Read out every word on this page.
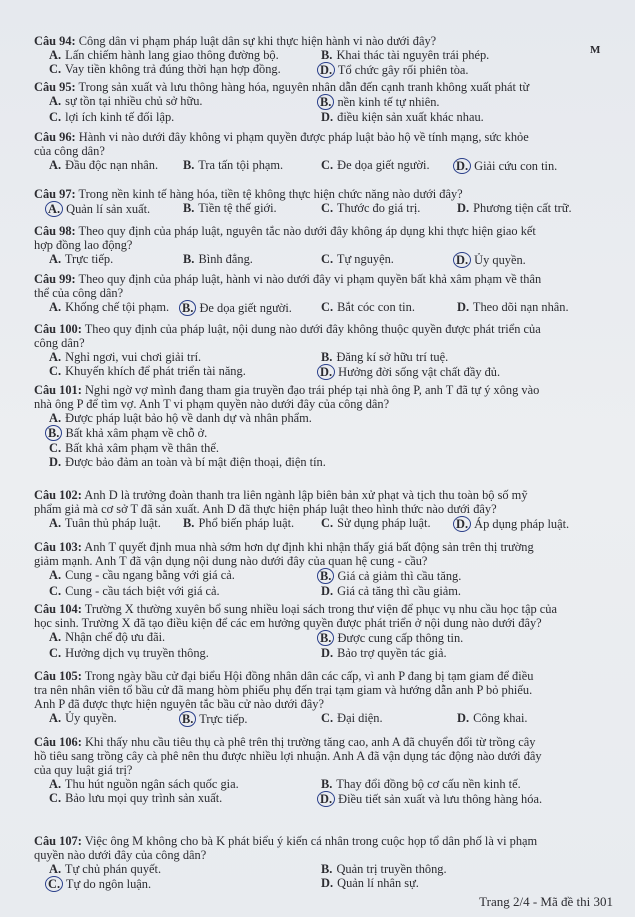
M
Câu 94: Công dân vi phạm pháp luật dân sự khi thực hiện hành vi nào dưới đây?
A. Lấn chiếm hành lang giao thông đường bộ.	B. Khai thác tài nguyên trái phép.
C. Vay tiền không trả đúng thời hạn hợp đồng.	D. Tổ chức gây rối phiên tòa.
Câu 95: Trong sản xuất và lưu thông hàng hóa, nguyên nhân dẫn đến cạnh tranh không xuất phát từ
A. sự tồn tại nhiều chủ sở hữu.	B. nền kinh tế tự nhiên.
C. lợi ích kinh tế đối lập.	D. điều kiện sản xuất khác nhau.
Câu 96: Hành vi nào dưới đây không vi phạm quyền được pháp luật bảo hộ về tính mạng, sức khỏe
của công dân?
A. Đầu độc nạn nhân.	B. Tra tấn tội phạm.	C. Đe dọa giết người.	D. Giải cứu con tin.
Câu 97: Trong nền kinh tế hàng hóa, tiền tệ không thực hiện chức năng nào dưới đây?
A. Quản lí sản xuất.	B. Tiền tệ thế giới.	C. Thước đo giá trị.	D. Phương tiện cất trữ.
Câu 98: Theo quy định của pháp luật, nguyên tắc nào dưới đây không áp dụng khi thực hiện giao kết
hợp đồng lao động?
A. Trực tiếp.	B. Bình đẳng.	C. Tự nguyện.	D. Ủy quyền.
Câu 99: Theo quy định của pháp luật, hành vi nào dưới đây vi phạm quyền bất khả xâm phạm về thân
thể của công dân?
A. Khống chế tội phạm.	B. Đe dọa giết người.	C. Bắt cóc con tin.	D. Theo dõi nạn nhân.
Câu 100: Theo quy định của pháp luật, nội dung nào dưới đây không thuộc quyền được phát triển của
công dân?
A. Nghỉ ngơi, vui chơi giải trí.	B. Đăng kí sở hữu trí tuệ.
C. Khuyến khích để phát triển tài năng.	D. Hưởng đời sống vật chất đầy đủ.
Câu 101: Nghi ngờ vợ mình đang tham gia truyền đạo trái phép tại nhà ông P, anh T đã tự ý xông vào
nhà ông P để tìm vợ. Anh T vi phạm quyền nào dưới đây của công dân?
A. Được pháp luật bảo hộ về danh dự và nhân phẩm.
B. Bất khả xâm phạm về chỗ ở.
C. Bất khả xâm phạm về thân thể.
D. Được bảo đảm an toàn và bí mật điện thoại, điện tín.
Câu 102: Anh D là trưởng đoàn thanh tra liên ngành lập biên bản xử phạt và tịch thu toàn bộ số mỹ
phẩm giả mà cơ sở T đã sản xuất. Anh D đã thực hiện pháp luật theo hình thức nào dưới đây?
A. Tuân thủ pháp luật.	B. Phổ biến pháp luật.	C. Sử dụng pháp luật.	D. Áp dụng pháp luật.
Câu 103: Anh T quyết định mua nhà sớm hơn dự định khi nhận thấy giá bất động sản trên thị trường
giảm mạnh. Anh T đã vận dụng nội dung nào dưới đây của quan hệ cung - cầu?
A. Cung - cầu ngang bằng với giá cả.	B. Giá cả giảm thì cầu tăng.
C. Cung - cầu tách biệt với giá cả.	D. Giá cả tăng thì cầu giảm.
Câu 104: Trường X thường xuyên bổ sung nhiều loại sách trong thư viện để phục vụ nhu cầu học tập của
học sinh. Trường X đã tạo điều kiện để các em hưởng quyền được phát triển ở nội dung nào dưới đây?
A. Nhận chế độ ưu đãi.	B. Được cung cấp thông tin.
C. Hưởng dịch vụ truyền thông.	D. Bảo trợ quyền tác giả.
Câu 105: Trong ngày bầu cử đại biểu Hội đồng nhân dân các cấp, vì anh P đang bị tạm giam để điều
tra nên nhân viên tổ bầu cử đã mang hòm phiếu phụ đến trại tạm giam và hướng dẫn anh P bỏ phiếu.
Anh P đã được thực hiện nguyên tắc bầu cử nào dưới đây?
A. Ủy quyền.	B. Trực tiếp.	C. Đại diện.	D. Công khai.
Câu 106: Khi thấy nhu cầu tiêu thụ cà phê trên thị trường tăng cao, anh A đã chuyển đổi từ trồng cây
hồ tiêu sang trồng cây cà phê nên thu được nhiều lợi nhuận. Anh A đã vận dụng tác động nào dưới đây
của quy luật giá trị?
A. Thu hút nguồn ngân sách quốc gia.	B. Thay đổi đồng bộ cơ cấu nền kinh tế.
C. Bảo lưu mọi quy trình sản xuất.	D. Điều tiết sản xuất và lưu thông hàng hóa.
Câu 107: Việc ông M không cho bà K phát biểu ý kiến cá nhân trong cuộc họp tổ dân phố là vi phạm
quyền nào dưới đây của công dân?
A. Tự chủ phán quyết.	B. Quản trị truyền thông.
C. Tự do ngôn luận.	D. Quản lí nhân sự.
Trang 2/4 - Mã đề thi 301
